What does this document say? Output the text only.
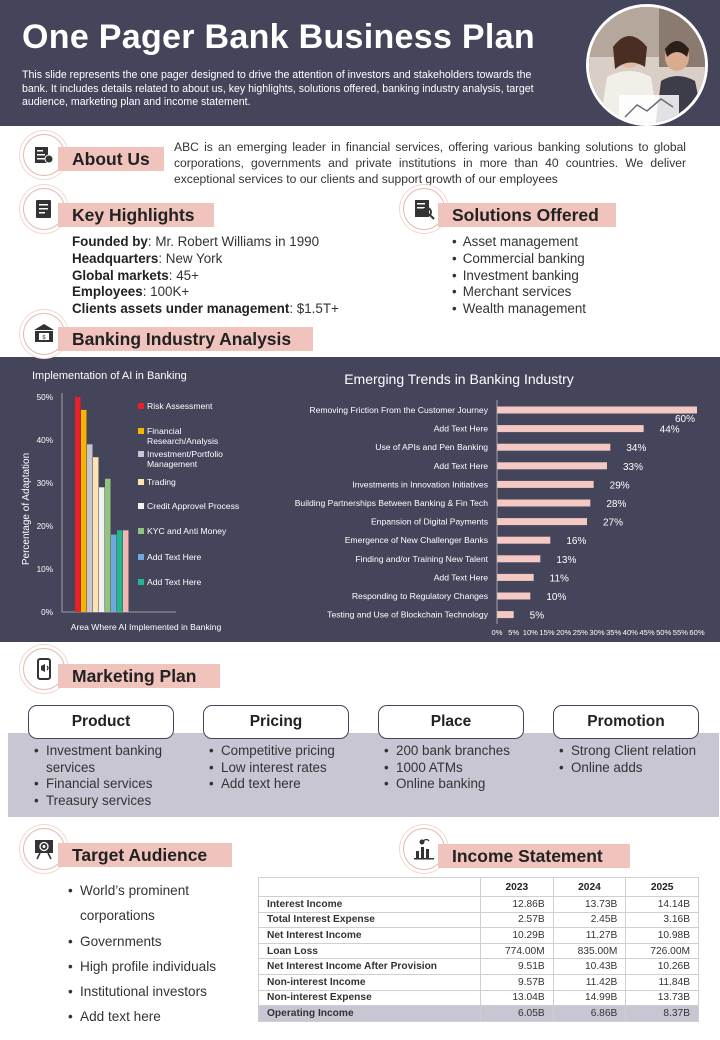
One Pager Bank Business Plan

This slide represents the one pager designed to drive the attention of investors and stakeholders towards the bank. It includes details related to about us, key highlights, solutions offered, banking industry analysis, target audience, marketing plan and income statement.

About Us

ABC is an emerging leader in financial services, offering various banking solutions to global corporations, governments and private institutions in more than 40 countries. We deliver exceptional services to our clients and support growth of our employees

Key Highlights
Founded by: Mr. Robert Williams in 1990
Headquarters: New York
Global markets: 45+
Employees: 100K+
Clients assets under management: $1.5T+
Solutions Offered
• Asset management
• Commercial banking
• Investment banking
• Merchant services
• Wealth management
$	Banking Industry Analysis
Implementation of AI in Banking
0%
10%
20%
30%
40%
50%
Percentage of Adaptation
Area Where AI Implemented in Banking
Risk Assessment
Financial Research/Analysis
Investment/Portfolio Management
Trading
Credit Approvel Process
KYC and Anti Money
Add Text Here
Add Text Here
Emerging Trends in Banking Industry
Removing Friction From the Customer Journey
60%
Add Text Here	44%
Use of APIs and Pen Banking	34%
Add Text Here	33%
Investments in Innovation Initiatives	29%
Building Partnerships Between Banking & Fin Tech	28%
Enpansion of Digital Payments	27%
Emergence of New Challenger Banks	16%
Finding and/or Training New Talent	13%
Add Text Here	11%
Responding to Regulatory Changes	10%
Testing and Use of Blockchain Technology	5%
0% 5% 10% 15% 20% 25% 30% 35% 40% 45% 50% 55% 60%
Marketing Plan
• Investment banking services
• Financial services
• Treasury services
Product
• Competitive pricing
• Low interest rates
• Add text here
Pricing
• 200 bank branches
• 1000 ATMs
• Online banking
Place
• Strong Client relation
• Online adds
Promotion
Target Audience
• World’s prominent corporations
• Governments
• High profile individuals
• Institutional investors
• Add text here
Income Statement
	2023	2024	2025
Interest Income	12.86B	13.73B	14.14B
Total Interest Expense	2.57B	2.45B	3.16B
Net Interest Income	10.29B	11.27B	10.98B
Loan Loss	774.00M	835.00M	726.00M
Net Interest Income After Provision	9.51B	10.43B	10.26B
Non-interest Income	9.57B	11.42B	11.84B
Non-interest Expense	13.04B	14.99B	13.73B
Operating Income	6.05B	6.86B	8.37B
